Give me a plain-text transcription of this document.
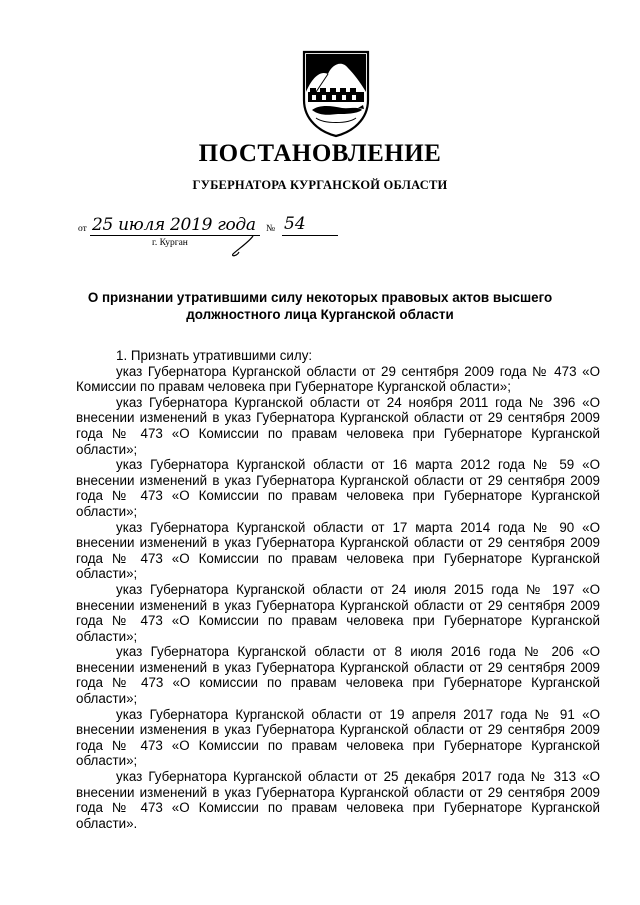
ПОСТАНОВЛЕНИЕ
ГУБЕРНАТОРА КУРГАНСКОЙ ОБЛАСТИ
от 25 июля 2019 года № 54
г. Курган
О признании утратившими силу некоторых правовых актов высшего должностного лица Курганской области

1. Признать утратившими силу:

указ Губернатора Курганской области от 29 сентября 2009 года № 473 «О Комиссии по правам человека при Губернаторе Курганской области»;

указ Губернатора Курганской области от 24 ноября 2011 года № 396 «О внесении изменений в указ Губернатора Курганской области от 29 сентября 2009 года № 473 «О Комиссии по правам человека при Губернаторе Курганской области»;

указ Губернатора Курганской области от 16 марта 2012 года № 59 «О внесении изменений в указ Губернатора Курганской области от 29 сентября 2009 года № 473 «О Комиссии по правам человека при Губернаторе Курганской области»;

указ Губернатора Курганской области от 17 марта 2014 года № 90 «О внесении изменений в указ Губернатора Курганской области от 29 сентября 2009 года № 473 «О Комиссии по правам человека при Губернаторе Курганской области»;

указ Губернатора Курганской области от 24 июля 2015 года № 197 «О внесении изменений в указ Губернатора Курганской области от 29 сентября 2009 года № 473 «О Комиссии по правам человека при Губернаторе Курганской области»;

указ Губернатора Курганской области от 8 июля 2016 года № 206 «О внесении изменений в указ Губернатора Курганской области от 29 сентября 2009 года № 473 «О комиссии по правам человека при Губернаторе Курганской области»;

указ Губернатора Курганской области от 19 апреля 2017 года № 91 «О внесении изменения в указ Губернатора Курганской области от 29 сентября 2009 года № 473 «О Комиссии по правам человека при Губернаторе Курганской области»;

указ Губернатора Курганской области от 25 декабря 2017 года № 313 «О внесении изменений в указ Губернатора Курганской области от 29 сентября 2009 года № 473 «О Комиссии по правам человека при Губернаторе Курганской области».
